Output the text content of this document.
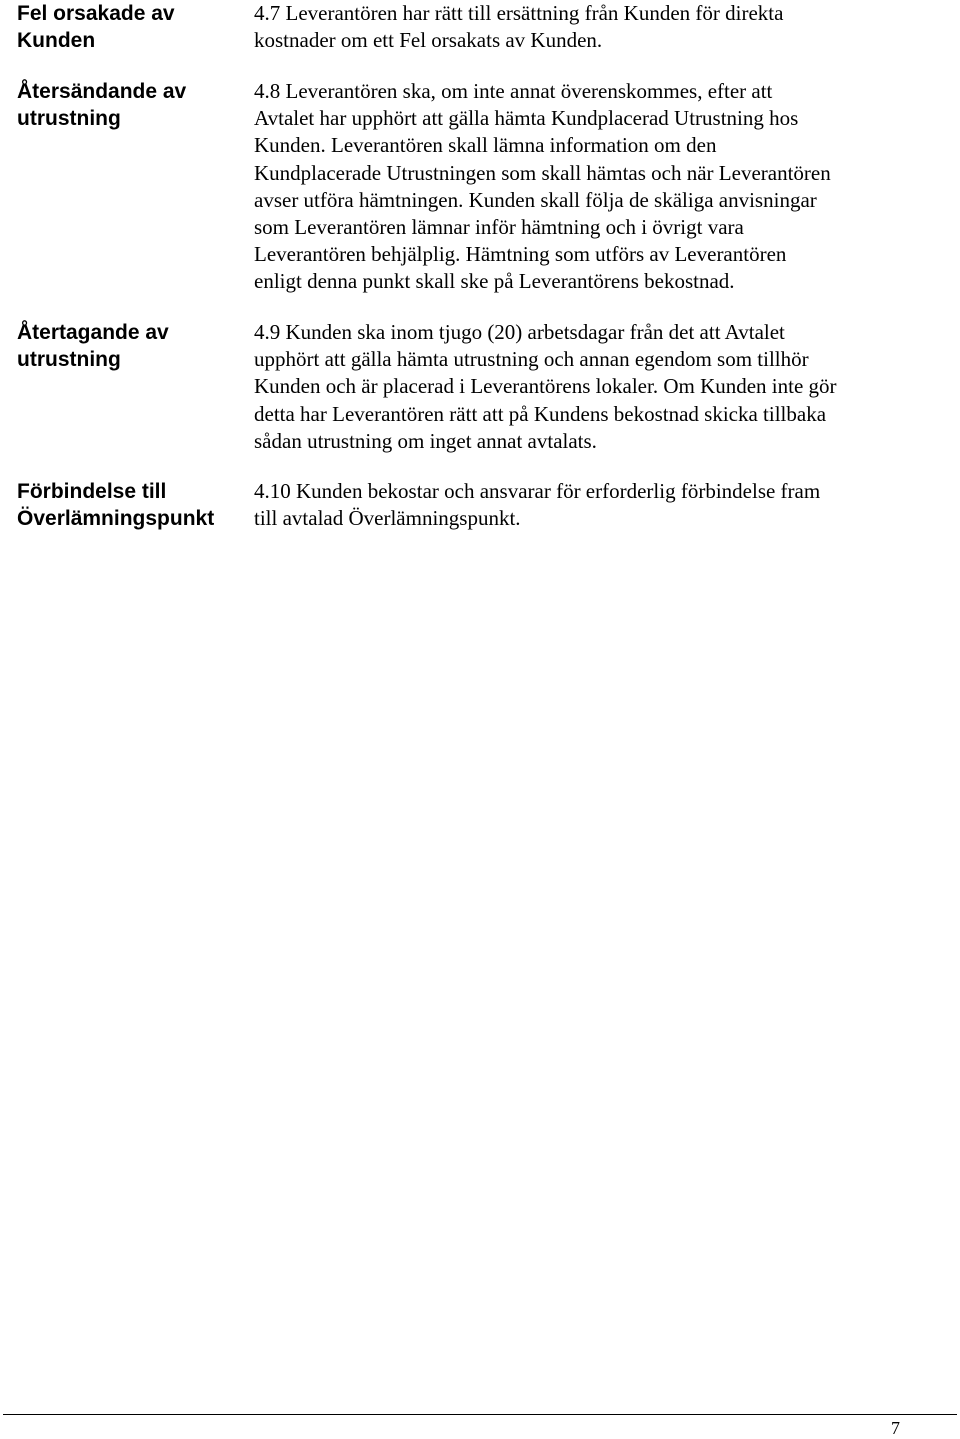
Fel orsakade av
Kunden
4.7 Leverantören har rätt till ersättning från Kunden för direkta
kostnader om ett Fel orsakats av Kunden.
Återsändande av
utrustning
4.8 Leverantören ska, om inte annat överenskommes, efter att
Avtalet har upphört att gälla hämta Kundplacerad Utrustning hos
Kunden. Leverantören skall lämna information om den
Kundplacerade Utrustningen som skall hämtas och när Leverantören
avser utföra hämtningen. Kunden skall följa de skäliga anvisningar
som Leverantören lämnar inför hämtning och i övrigt vara
Leverantören behjälplig. Hämtning som utförs av Leverantören
enligt denna punkt skall ske på Leverantörens bekostnad.
Återtagande av
utrustning
4.9 Kunden ska inom tjugo (20) arbetsdagar från det att Avtalet
upphört att gälla hämta utrustning och annan egendom som tillhör
Kunden och är placerad i Leverantörens lokaler. Om Kunden inte gör
detta har Leverantören rätt att på Kundens bekostnad skicka tillbaka
sådan utrustning om inget annat avtalats.
Förbindelse till
Överlämningspunkt
4.10 Kunden bekostar och ansvarar för erforderlig förbindelse fram
till avtalad Överlämningspunkt.
7
